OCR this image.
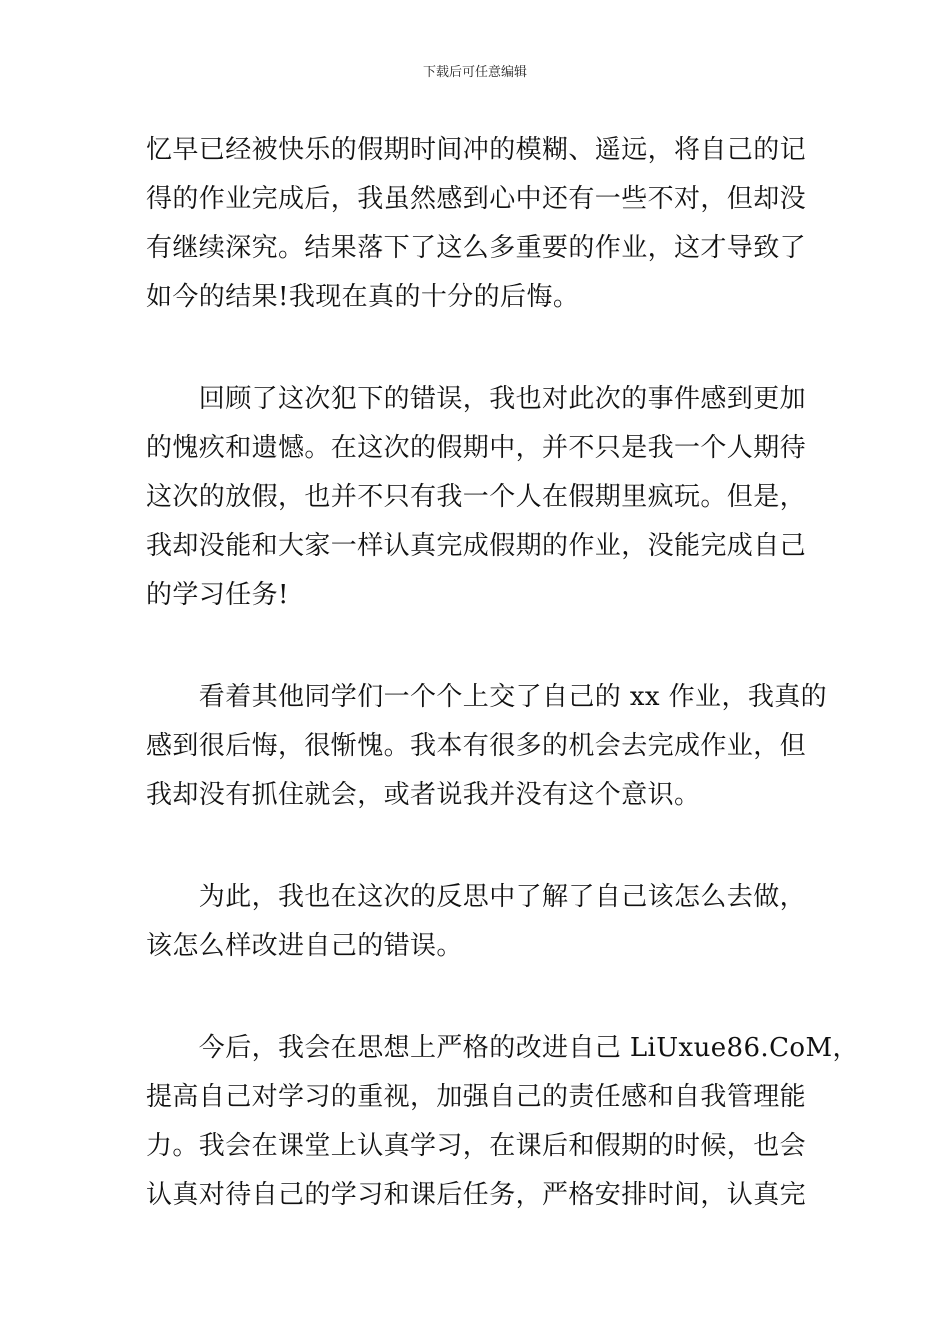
下载后可任意编辑
忆早已经被快乐的假期时间冲的模糊、遥远，将自己的记
得的作业完成后，我虽然感到心中还有一些不对，但却没
有继续深究。结果落下了这么多重要的作业，这才导致了
如今的结果!我现在真的十分的后悔。
　　回顾了这次犯下的错误，我也对此次的事件感到更加
的愧疚和遗憾。在这次的假期中，并不只是我一个人期待
这次的放假，也并不只有我一个人在假期里疯玩。但是，
我却没能和大家一样认真完成假期的作业，没能完成自己
的学习任务!
　　看着其他同学们一个个上交了自己的 xx 作业，我真的
感到很后悔，很惭愧。我本有很多的机会去完成作业，但
我却没有抓住就会，或者说我并没有这个意识。
　　为此，我也在这次的反思中了解了自己该怎么去做，
该怎么样改进自己的错误。
　　今后，我会在思想上严格的改进自己 LiUxue86.CoM，
提高自己对学习的重视，加强自己的责任感和自我管理能
力。我会在课堂上认真学习，在课后和假期的时候，也会
认真对待自己的学习和课后任务，严格安排时间，认真完
